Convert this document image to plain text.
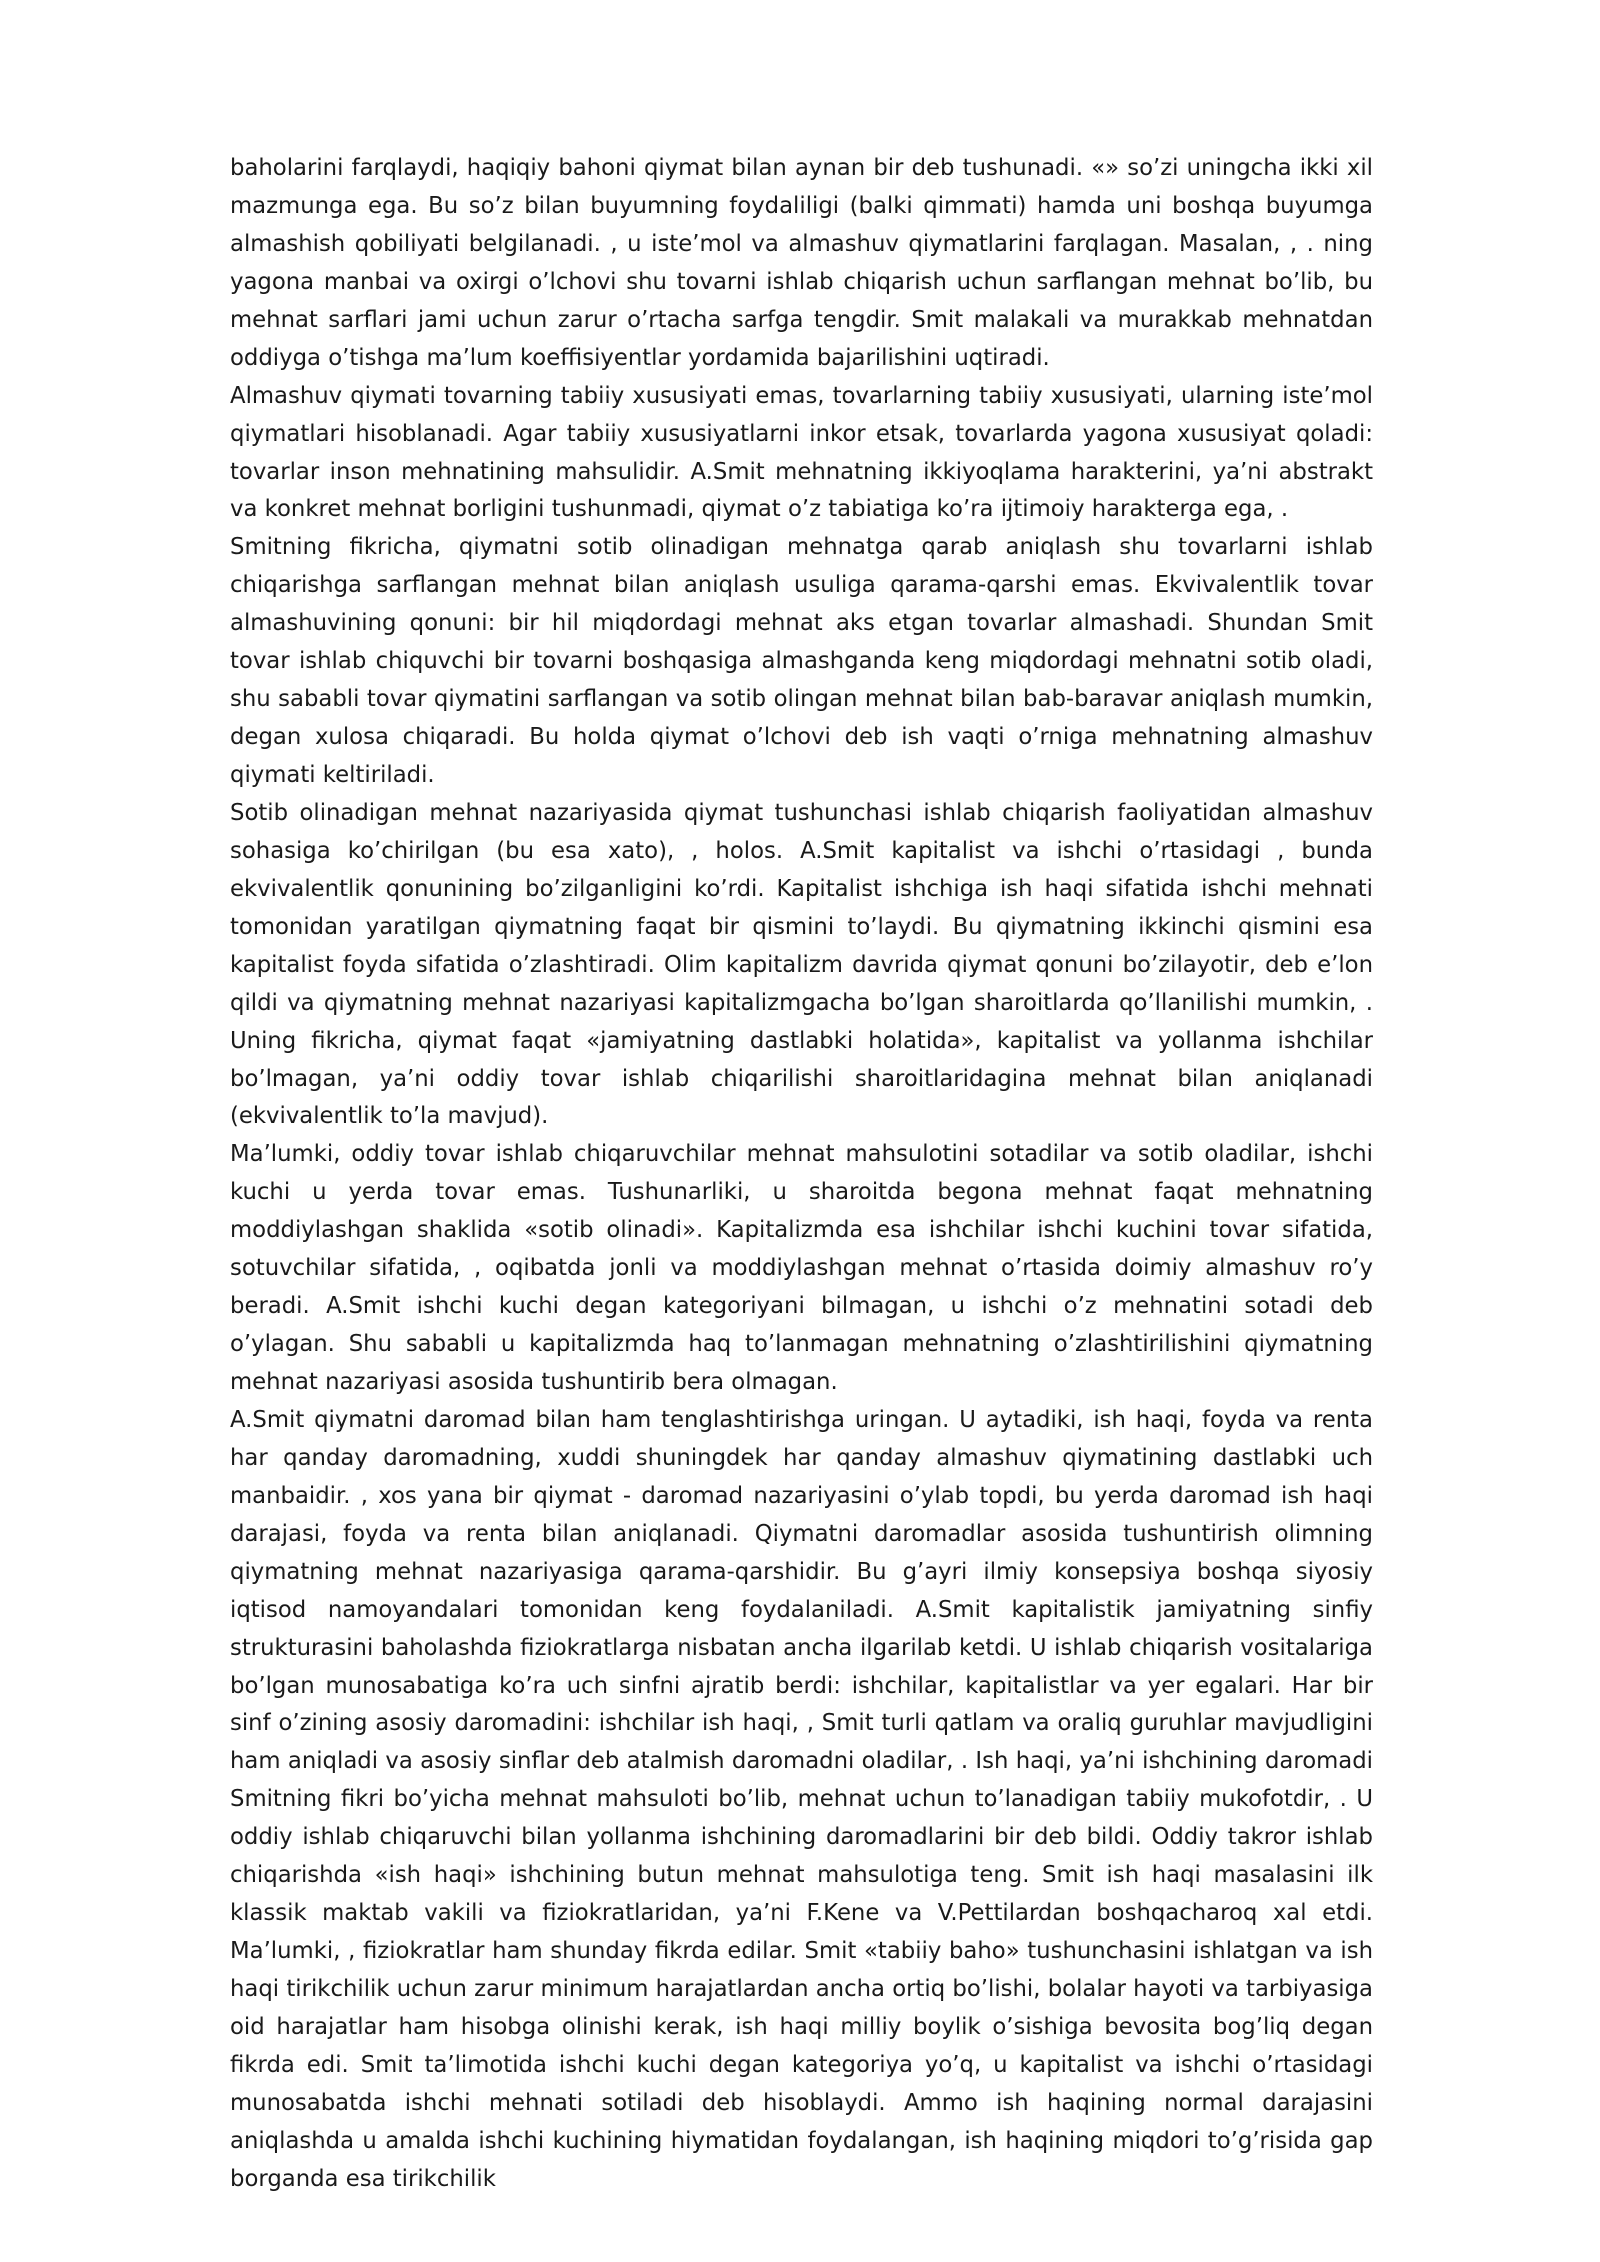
baholarini farqlaydi, haqiqiy bahoni qiymat bilan aynan bir deb tushunadi. «» so’zi uningcha ikki xil mazmunga ega. Bu so’z bilan buyumning foydaliligi (balki qimmati) hamda uni boshqa buyumga almashish qobiliyati belgilanadi. , u iste’mol va almashuv qiymatlarini farqlagan. Masalan, , . ning yagona manbai va oxirgi o’lchovi shu tovarni ishlab chiqarish uchun sarflangan mehnat bo’lib, bu mehnat sarflari jami uchun zarur o’rtacha sarfga tengdir. Smit malakali va murakkab mehnatdan oddiyga o’tishga ma’lum koeffisiyentlar yordamida bajarilishini uqtiradi.

Almashuv qiymati tovarning tabiiy xususiyati emas, tovarlarning tabiiy xususiyati, ularning iste’mol qiymatlari hisoblanadi. Agar tabiiy xususiyatlarni inkor etsak, tovarlarda yagona xususiyat qoladi: tovarlar inson mehnatining mahsulidir. A.Smit mehnatning ikkiyoqlama harakterini, ya’ni abstrakt va konkret mehnat borligini tushunmadi, qiymat o’z tabiatiga ko’ra ijtimoiy harakterga ega, .

Smitning fikricha, qiymatni sotib olinadigan mehnatga qarab aniqlash shu tovarlarni ishlab chiqarishga sarflangan mehnat bilan aniqlash usuliga qarama-qarshi emas. Ekvivalentlik tovar almashuvining qonuni: bir hil miqdordagi mehnat aks etgan tovarlar almashadi. Shundan Smit tovar ishlab chiquvchi bir tovarni boshqasiga almashganda keng miqdordagi mehnatni sotib oladi, shu sababli tovar qiymatini sarflangan va sotib olingan mehnat bilan bab-baravar aniqlash mumkin, degan xulosa chiqaradi. Bu holda qiymat o’lchovi deb ish vaqti o’rniga mehnatning almashuv qiymati keltiriladi.

Sotib olinadigan mehnat nazariyasida qiymat tushunchasi ishlab chiqarish faoliyatidan almashuv sohasiga ko’chirilgan (bu esa xato), , holos. A.Smit kapitalist va ishchi o’rtasidagi , bunda ekvivalentlik qonunining bo’zilganligini ko’rdi. Kapitalist ishchiga ish haqi sifatida ishchi mehnati tomonidan yaratilgan qiymatning faqat bir qismini to’laydi. Bu qiymatning ikkinchi qismini esa kapitalist foyda sifatida o’zlashtiradi. Olim kapitalizm davrida qiymat qonuni bo’zilayotir, deb e’lon qildi va qiymatning mehnat nazariyasi kapitalizmgacha bo’lgan sharoitlarda qo’llanilishi mumkin, . Uning fikricha, qiymat faqat «jamiyatning dastlabki holatida», kapitalist va yollanma ishchilar bo’lmagan, ya’ni oddiy tovar ishlab chiqarilishi sharoitlaridagina mehnat bilan aniqlanadi (ekvivalentlik to’la mavjud).

Ma’lumki, oddiy tovar ishlab chiqaruvchilar mehnat mahsulotini sotadilar va sotib oladilar, ishchi kuchi u yerda tovar emas. Tushunarliki, u sharoitda begona mehnat faqat mehnatning moddiylashgan shaklida «sotib olinadi». Kapitalizmda esa ishchilar ishchi kuchini tovar sifatida, sotuvchilar sifatida, , oqibatda jonli va moddiylashgan mehnat o’rtasida doimiy almashuv ro’y beradi. A.Smit ishchi kuchi degan kategoriyani bilmagan, u ishchi o’z mehnatini sotadi deb o’ylagan. Shu sababli u kapitalizmda haq to’lanmagan mehnatning o’zlashtirilishini qiymatning mehnat nazariyasi asosida tushuntirib bera olmagan.

A.Smit qiymatni daromad bilan ham tenglashtirishga uringan. U aytadiki, ish haqi, foyda va renta har qanday daromadning, xuddi shuningdek har qanday almashuv qiymatining dastlabki uch manbaidir. , xos yana bir qiymat - daromad nazariyasini o’ylab topdi, bu yerda daromad ish haqi darajasi, foyda va renta bilan aniqlanadi. Qiymatni daromadlar asosida tushuntirish olimning qiymatning mehnat nazariyasiga qarama-qarshidir. Bu g’ayri ilmiy konsepsiya boshqa siyosiy iqtisod namoyandalari tomonidan keng foydalaniladi. A.Smit kapitalistik jamiyatning sinfiy strukturasini baholashda fiziokratlarga nisbatan ancha ilgarilab ketdi. U ishlab chiqarish vositalariga bo’lgan munosabatiga ko’ra uch sinfni ajratib berdi: ishchilar, kapitalistlar va yer egalari. Har bir sinf o’zining asosiy daromadini: ishchilar ish haqi, , Smit turli qatlam va oraliq guruhlar mavjudligini ham aniqladi va asosiy sinflar deb atalmish daromadni oladilar, . Ish haqi, ya’ni ishchining daromadi Smitning fikri bo’yicha mehnat mahsuloti bo’lib, mehnat uchun to’lanadigan tabiiy mukofotdir, . U oddiy ishlab chiqaruvchi bilan yollanma ishchining daromadlarini bir deb bildi. Oddiy takror ishlab chiqarishda «ish haqi» ishchining butun mehnat mahsulotiga teng. Smit ish haqi masalasini ilk klassik maktab vakili va fiziokratlaridan, ya’ni F.Kene va V.Pettilardan boshqacharoq xal etdi. Ma’lumki, , fiziokratlar ham shunday fikrda edilar. Smit «tabiiy baho» tushunchasini ishlatgan va ish haqi tirikchilik uchun zarur minimum harajatlardan ancha ortiq bo’lishi, bolalar hayoti va tarbiyasiga oid harajatlar ham hisobga olinishi kerak, ish haqi milliy boylik o’sishiga bevosita bog’liq degan fikrda edi. Smit ta’limotida ishchi kuchi degan kategoriya yo’q, u kapitalist va ishchi o’rtasidagi munosabatda ishchi mehnati sotiladi deb hisoblaydi. Ammo ish haqining normal darajasini aniqlashda u amalda ishchi kuchining hiymatidan foydalangan, ish haqining miqdori to’g’risida gap borganda esa tirikchilik
